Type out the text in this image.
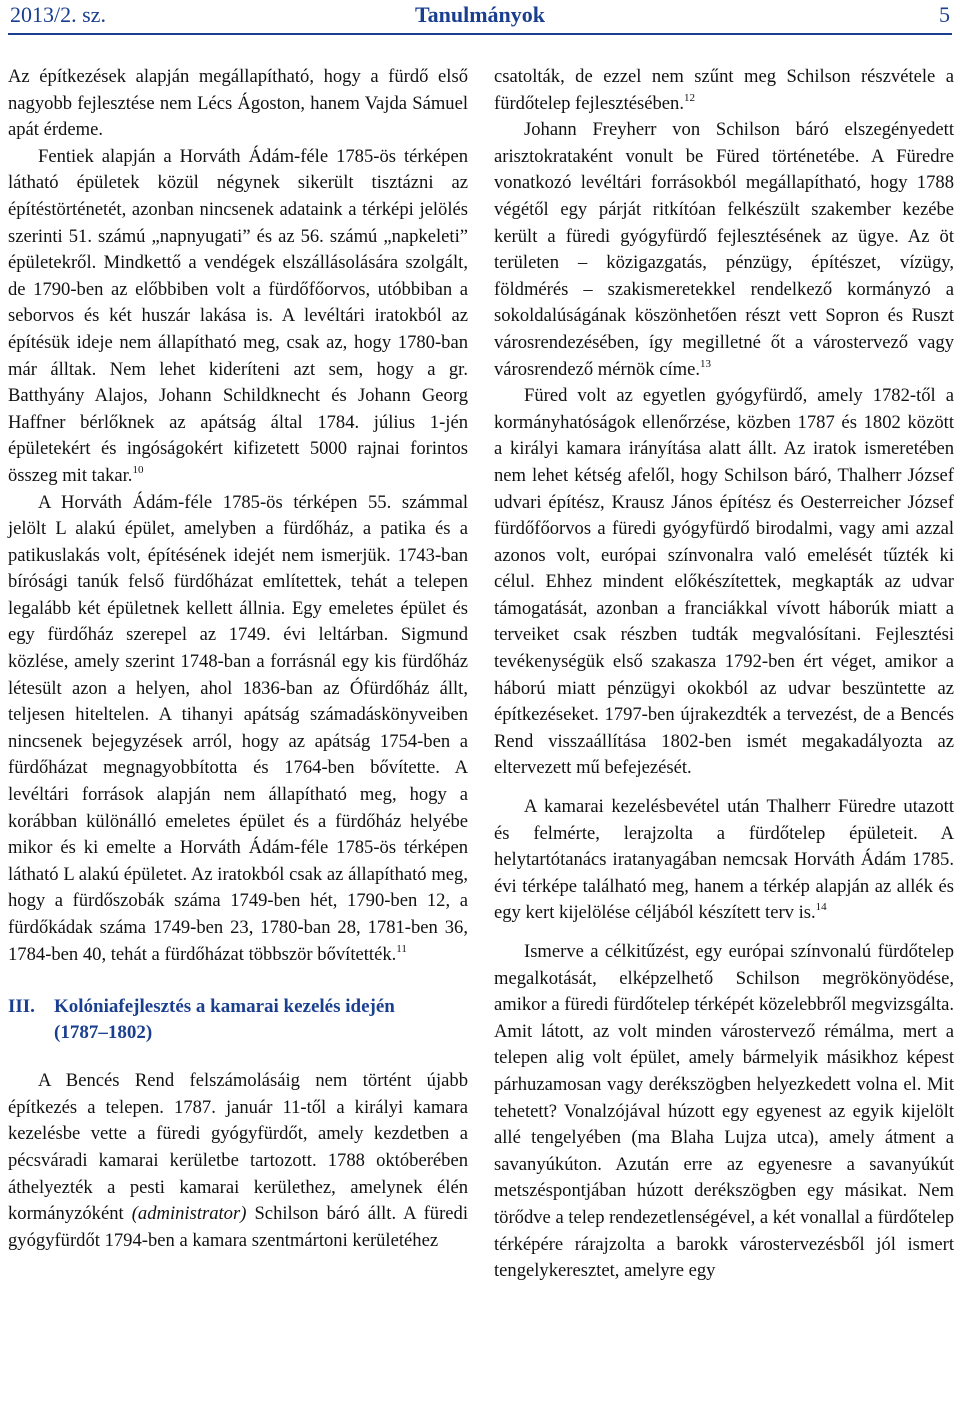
2013/2. sz.	Tanulmányok	5

Az építkezések alapján megállapítható, hogy a fürdő első nagyobb fejlesztése nem Lécs Ágoston, hanem Vajda Sámuel apát érdeme.

Fentiek alapján a Horváth Ádám-féle 1785-ös térképen látható épületek közül négynek sikerült tisztázni az építéstörténetét, azonban nincsenek adataink a térképi jelölés szerinti 51. számú „napnyugati” és az 56. számú „napkeleti” épületekről. Mindkettő a vendégek elszállásolására szolgált, de 1790-ben az előbbiben volt a fürdőfőorvos, utóbbiban a seborvos és két huszár lakása is. A levéltári iratokból az építésük ideje nem állapítható meg, csak az, hogy 1780-ban már álltak. Nem lehet kideríteni azt sem, hogy a gr. Batthyány Alajos, Johann Schildknecht és Johann Georg Haffner bérlőknek az apátság által 1784. július 1-jén épületekért és ingóságokért kifizetett 5000 rajnai forintos összeg mit takar.$^{10}$

A Horváth Ádám-féle 1785-ös térképen 55. számmal jelölt L alakú épület, amelyben a fürdőház, a patika és a patikuslakás volt, építésének idejét nem ismerjük. 1743-ban bírósági tanúk felső fürdőházat említettek, tehát a telepen legalább két épületnek kellett állnia. Egy emeletes épület és egy fürdőház szerepel az 1749. évi leltárban. Sigmund közlése, amely szerint 1748-ban a forrásnál egy kis fürdőház létesült azon a helyen, ahol 1836-ban az Ófürdőház állt, teljesen hiteltelen. A tihanyi apátság számadáskönyveiben nincsenek bejegyzések arról, hogy az apátság 1754-ben a fürdőházat megnagyobbította és 1764-ben bővítette. A levéltári források alapján nem állapítható meg, hogy a korábban különálló emeletes épület és a fürdőház helyébe mikor és ki emelte a Horváth Ádám-féle 1785-ös térképen látható L alakú épületet. Az iratokból csak az állapítható meg, hogy a fürdőszobák száma 1749-ben hét, 1790-ben 12, a fürdőkádak száma 1749-ben 23, 1780-ban 28, 1781-ben 36, 1784-ben 40, tehát a fürdőházat többször bővítették.$^{11}$

III. Kolóniafejlesztés a kamarai kezelés idején
(1787–1802)

A Bencés Rend felszámolásáig nem történt újabb építkezés a telepen. 1787. január 11-től a királyi kamara kezelésbe vette a füredi gyógyfürdőt, amely kezdetben a pécsváradi kamarai kerületbe tartozott. 1788 októberében áthelyezték a pesti kamarai kerülethez, amelynek élén kormányzóként (administrator) Schilson báró állt. A füredi gyógyfürdőt 1794-ben a kamara szentmártoni kerületéhez

csatolták, de ezzel nem szűnt meg Schilson részvétele a fürdőtelep fejlesztésében.$^{12}$

Johann Freyherr von Schilson báró elszegényedett arisztokrataként vonult be Füred történetébe. A Füredre vonatkozó levéltári forrásokból megállapítható, hogy 1788 végétől egy párját ritkítóan felkészült szakember kezébe került a füredi gyógyfürdő fejlesztésének az ügye. Az öt területen – közigazgatás, pénzügy, építészet, vízügy, földmérés – szakismeretekkel rendelkező kormányzó a sokoldalúságának köszönhetően részt vett Sopron és Ruszt városrendezésében, így megilletné őt a várostervező vagy városrendező mérnök címe.$^{13}$

Füred volt az egyetlen gyógyfürdő, amely 1782-től a kormányhatóságok ellenőrzése, közben 1787 és 1802 között a királyi kamara irányítása alatt állt. Az iratok ismeretében nem lehet kétség afelől, hogy Schilson báró, Thalherr József udvari építész, Krausz János építész és Oesterreicher József fürdőfőorvos a füredi gyógyfürdő birodalmi, vagy ami azzal azonos volt, európai színvonalra való emelését tűzték ki célul. Ehhez mindent előkészítettek, megkapták az udvar támogatását, azonban a franciákkal vívott háborúk miatt a terveiket csak részben tudták megvalósítani. Fejlesztési tevékenységük első szakasza 1792-ben ért véget, amikor a háború miatt pénzügyi okokból az udvar beszüntette az építkezéseket. 1797-ben újrakezdték a tervezést, de a Bencés Rend visszaállítása 1802-ben ismét megakadályozta az eltervezett mű befejezését.

A kamarai kezelésbevétel után Thalherr Füredre utazott és felmérte, lerajzolta a fürdőtelep épületeit. A helytartótanács iratanyagában nemcsak Horváth Ádám 1785. évi térképe található meg, hanem a térkép alapján az allék és egy kert kijelölése céljából készített terv is.$^{14}$

Ismerve a célkitűzést, egy európai színvonalú fürdőtelep megalkotását, elképzelhető Schilson megrökönyödése, amikor a füredi fürdőtelep térképét közelebbről megvizsgálta. Amit látott, az volt minden várostervező rémálma, mert a telepen alig volt épület, amely bármelyik másikhoz képest párhuzamosan vagy derékszögben helyezkedett volna el. Mit tehetett? Vonalzójával húzott egy egyenest az egyik kijelölt allé tengelyében (ma Blaha Lujza utca), amely átment a savanyúkúton. Azután erre az egyenesre a savanyúkút metszéspontjában húzott derékszögben egy másikat. Nem törődve a telep rendezetlenségével, a két vonallal a fürdőtelep térképére rárajzolta a barokk várostervezésből jól ismert tengelykeresztet, amelyre egy
